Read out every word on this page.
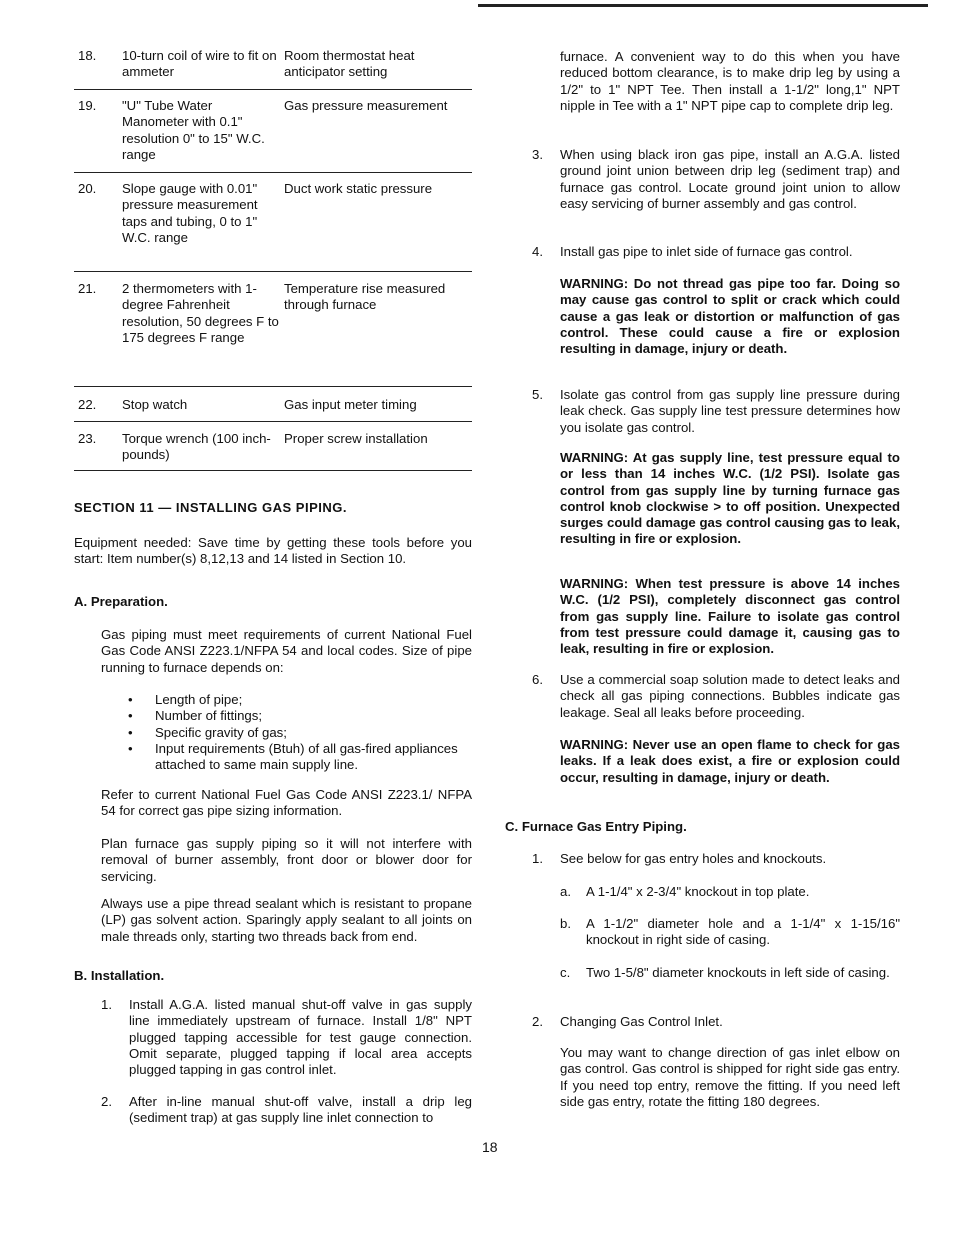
18. 10-turn coil of wire to fit on ammeter
Room thermostat heat anticipator setting
19. "U" Tube Water Manometer with 0.1" resolution 0" to 15" W.C. range
Gas pressure measurement
20. Slope gauge with 0.01" pressure measurement taps and tubing, 0 to 1" W.C. range
Duct work static pressure
21. 2 thermometers with 1-degree Fahrenheit resolution, 50 degrees F to 175 degrees F range
Temperature rise measured through furnace
22. Stop watch	Gas input meter timing
23. Torque wrench (100 inch-pounds)
Proper screw installation
SECTION 11 — INSTALLING GAS PIPING.
Equipment needed: Save time by getting these tools before you start: Item number(s) 8,12,13 and 14 listed in Section 10.
A. Preparation.
Gas piping must meet requirements of current National Fuel Gas Code ANSI Z223.1/NFPA 54 and local codes. Size of pipe running to furnace depends on:
• Length of pipe;
• Number of fittings;
• Specific gravity of gas;
• Input requirements (Btuh) of all gas-fired appliances attached to same main supply line.
Refer to current National Fuel Gas Code ANSI Z223.1/ NFPA 54 for correct gas pipe sizing information.
Plan furnace gas supply piping so it will not interfere with removal of burner assembly, front door or blower door for servicing.
Always use a pipe thread sealant which is resistant to propane (LP) gas solvent action. Sparingly apply sealant to all joints on male threads only, starting two threads back from end.
B. Installation.
1. Install A.G.A. listed manual shut-off valve in gas supply line immediately upstream of furnace. Install 1/8" NPT plugged tapping accessible for test gauge connection. Omit separate, plugged tapping if local area accepts plugged tapping in gas control inlet.
2. After in-line manual shut-off valve, install a drip leg (sediment trap) at gas supply line inlet connection to
furnace. A convenient way to do this when you have reduced bottom clearance, is to make drip leg by using a 1/2" to 1" NPT Tee. Then install a 1-1/2" long,1" NPT nipple in Tee with a 1" NPT pipe cap to complete drip leg.
3. When using black iron gas pipe, install an A.G.A. listed ground joint union between drip leg (sediment trap) and furnace gas control. Locate ground joint union to allow easy servicing of burner assembly and gas control.
4. Install gas pipe to inlet side of furnace gas control.
WARNING: Do not thread gas pipe too far. Doing so may cause gas control to split or crack which could cause a gas leak or distortion or malfunction of gas control. These could cause a fire or explosion resulting in damage, injury or death.
5. Isolate gas control from gas supply line pressure during leak check. Gas supply line test pressure determines how you isolate gas control.
WARNING: At gas supply line, test pressure equal to or less than 14 inches W.C. (1/2 PSI). Isolate gas control from gas supply line by turning furnace gas control knob clockwise > to off position. Unexpected surges could damage gas control causing gas to leak, resulting in fire or explosion.
WARNING: When test pressure is above 14 inches W.C. (1/2 PSI), completely disconnect gas control from gas supply line. Failure to isolate gas control from test pressure could damage it, causing gas to leak, resulting in fire or explosion.
6. Use a commercial soap solution made to detect leaks and check all gas piping connections. Bubbles indicate gas leakage. Seal all leaks before proceeding.
WARNING: Never use an open flame to check for gas leaks. If a leak does exist, a fire or explosion could occur, resulting in damage, injury or death.
C. Furnace Gas Entry Piping.
1. See below for gas entry holes and knockouts.
a. A 1-1/4" x 2-3/4" knockout in top plate.
b. A 1-1/2" diameter hole and a 1-1/4" x 1-15/16" knockout in right side of casing.
c. Two 1-5/8" diameter knockouts in left side of casing.
2. Changing Gas Control Inlet.
You may want to change direction of gas inlet elbow on gas control. Gas control is shipped for right side gas entry. If you need top entry, remove the fitting. If you need left side gas entry, rotate the fitting 180 degrees.
18
